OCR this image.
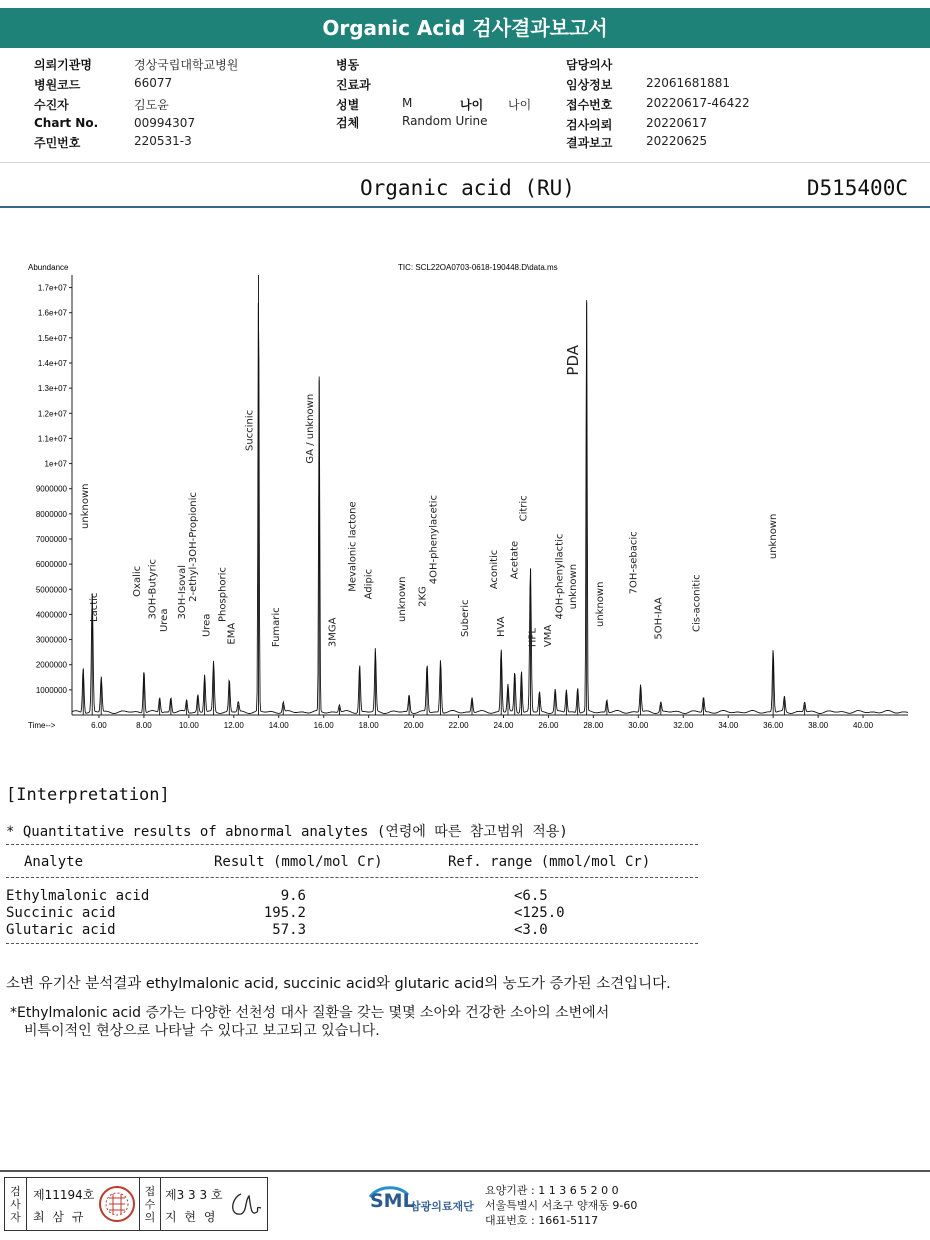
Organic Acid 검사결과보고서
의뢰기관명	경상국립대학교병원
병원코드	66077
수진자	김도윤
Chart No.	00994307
주민번호	220531-3
병동
진료과
성별	M	나이 나이
검체	Random Urine
담당의사
임상정보	22061681881
접수번호	20220617-46422
검사의뢰	20220617
결과보고	20220625
Organic acid (RU)	D515400C
Abundance	TIC: SCL22OA0703-0618-190448.D\data.ms
Time-->
1000000
2000000
3000000
4000000
5000000
6000000
7000000
8000000
9000000
1e+07
1.1e+07
1.2e+07
1.3e+07
1.4e+07
1.5e+07
1.6e+07
1.7e+07
6.00	8.00	10.00	12.00	14.00	16.00	18.00	20.00	22.00	24.00	26.00	28.00	30.00	32.00	34.00	36.00	38.00	40.00
unknown
Lactic
Oxalic 3OH-Butyric
Urea
3OH-Isoval 2-ethyl-3OH-Propionic
Urea
Phosphoric
EMA
Succinic
Fumaric
GA / unknown
3MGA
Mevalonic lactone Adipic unknown 2KG
4OH-phenylacetic
Suberic HVA
Aconitic Acetate
Citric
HPL VMA
4OH-phenyllactic unknown
PDA
unknown
7OH-sebacic
5OH-IAA	Cis-aconitic
unknown
[Interpretation]
* Quantitative results of abnormal analytes (연령에 따른 참고범위 적용)
Analyte	Result (mmol/mol Cr)	Ref. range (mmol/mol Cr)
Ethylmalonic acid	9.6	<6.5
Succinic acid	195.2	<125.0
Glutaric acid	57.3	<3.0
소변 유기산 분석결과 ethylmalonic acid, succinic acid와 glutaric acid의 농도가 증가된 소견입니다.
*Ethylmalonic acid 증가는 다양한 선천성 대사 질환을 갖는 몇몇 소아와 건강한 소아의 소변에서
비특이적인 현상으로 나타날 수 있다고 보고되고 있습니다.
검
사
자
제11194호
최 삼 규
접
수
의
제3 3 3 호
지 현 영
SML
삼광의료재단
요양기관 : 1 1 3 6 5 2 0 0
서울특별시 서초구 양재동 9-60
대표번호 : 1661-5117
